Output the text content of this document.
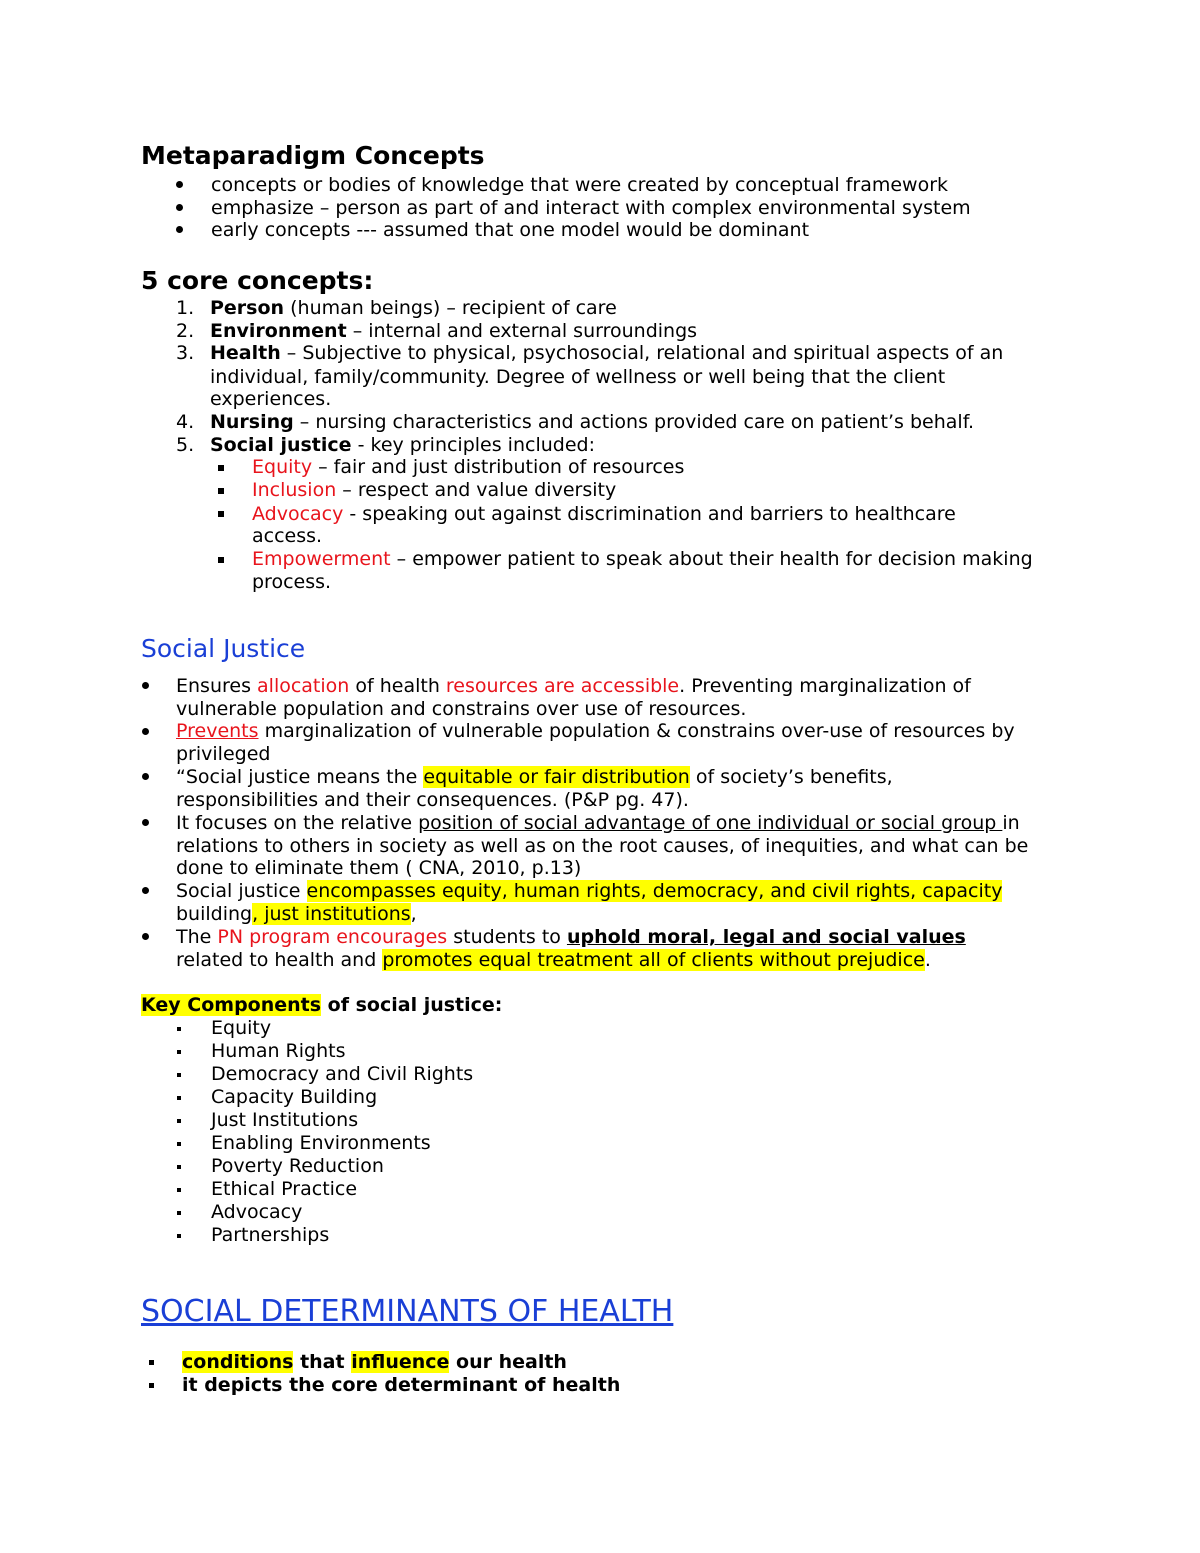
Metaparadigm Concepts
concepts or bodies of knowledge that were created by conceptual framework
emphasize – person as part of and interact with complex environmental system
early concepts --- assumed that one model would be dominant
5 core concepts:
1. Person (human beings) – recipient of care
2. Environment – internal and external surroundings
3. Health – Subjective to physical, psychosocial, relational and spiritual aspects of an
individual, family/community. Degree of wellness or well being that the client
experiences.
4. Nursing – nursing characteristics and actions provided care on patient’s behalf.
5. Social justice - key principles included:
Equity – fair and just distribution of resources
Inclusion – respect and value diversity
Advocacy - speaking out against discrimination and barriers to healthcare
access.
Empowerment – empower patient to speak about their health for decision making
process.
Social Justice
Ensures allocation of health resources are accessible. Preventing marginalization of
vulnerable population and constrains over use of resources.
Prevents marginalization of vulnerable population & constrains over-use of resources by
privileged
“Social justice means the equitable or fair distribution of society’s benefits,
responsibilities and their consequences. (P&P pg. 47).
It focuses on the relative position of social advantage of one individual or social group in
relations to others in society as well as on the root causes, of inequities, and what can be
done to eliminate them ( CNA, 2010, p.13)
Social justice encompasses equity, human rights, democracy, and civil rights, capacity
building, just institutions,
The PN program encourages students to uphold moral, legal and social values
related to health and promotes equal treatment all of clients without prejudice.
Key Components of social justice:
Equity
Human Rights
Democracy and Civil Rights
Capacity Building
Just Institutions
Enabling Environments
Poverty Reduction
Ethical Practice
Advocacy
Partnerships
SOCIAL DETERMINANTS OF HEALTH
conditions that influence our health
it depicts the core determinant of health
